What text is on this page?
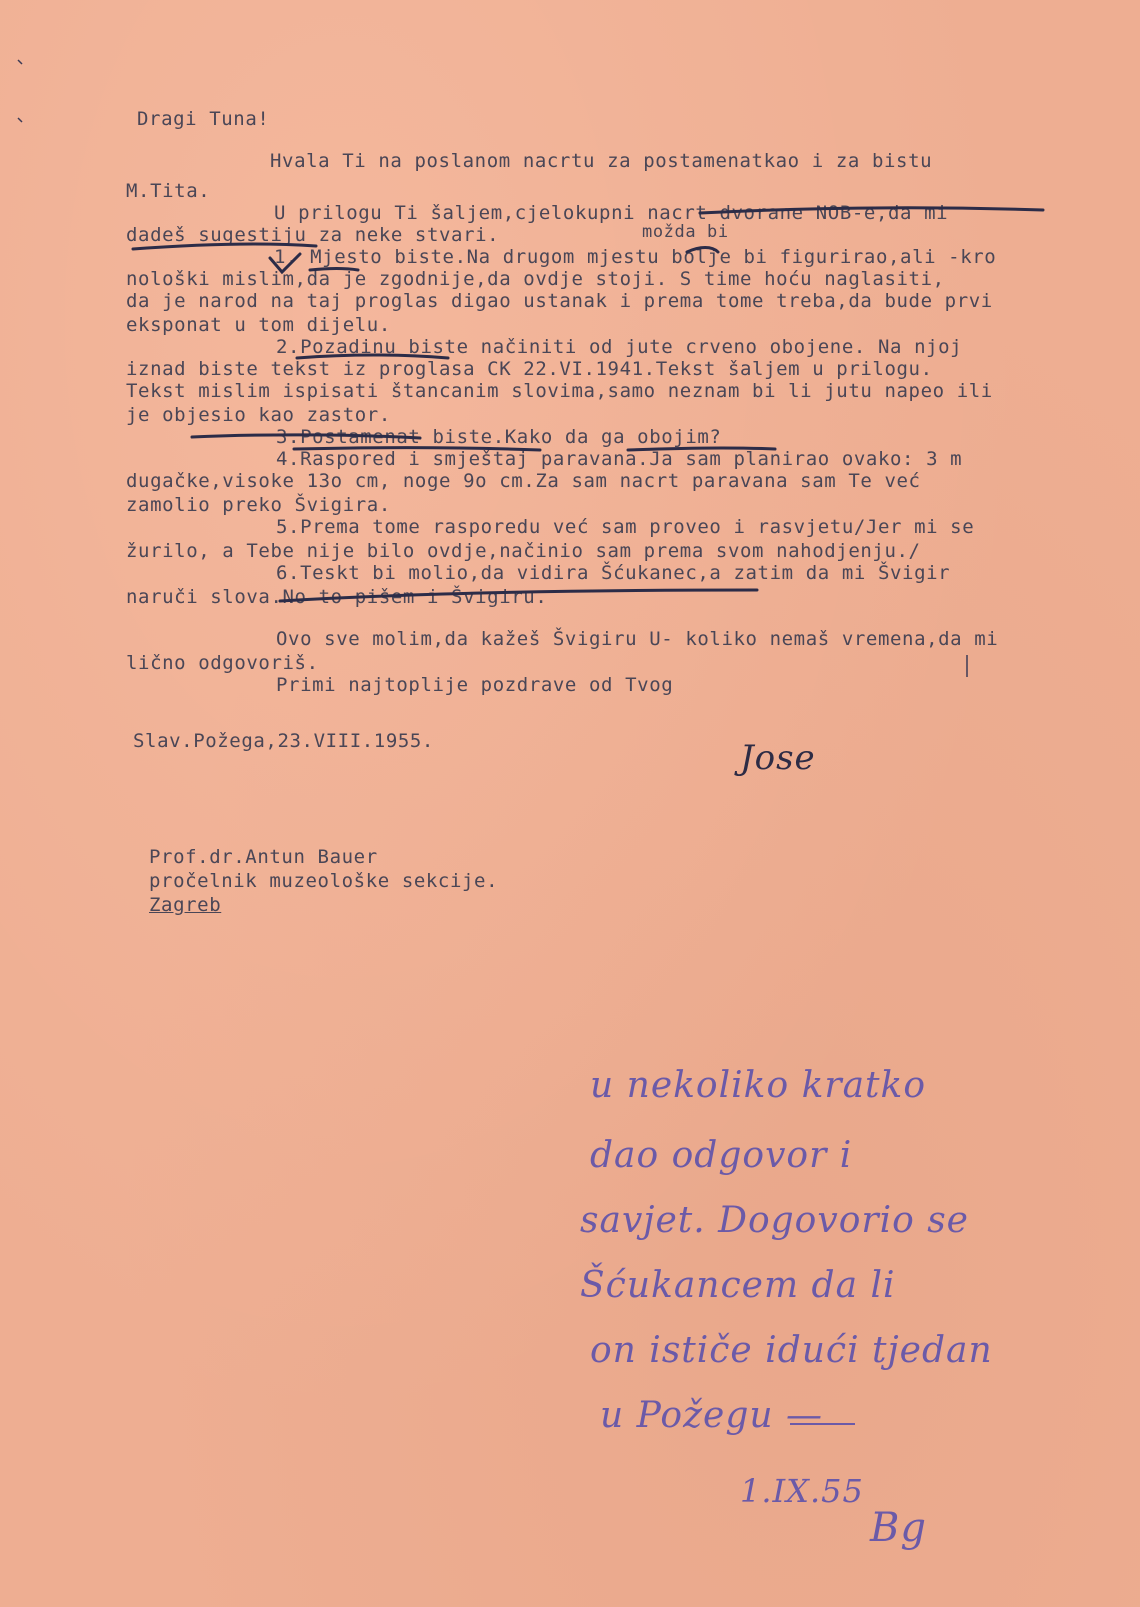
Dragi Tuna!
Hvala Ti na poslanom nacrtu za postamenatkao i za bistu
M.Tita.
U prilogu Ti šaljem,cjelokupni nacrt dvorane NOB-e,da mi
dadeš sugestiju za neke stvari.	možda bi
1. Mjesto biste.Na drugom mjestu bolje bi figurirao,ali -kro
nološki mislim,da je zgodnije,da ovdje stoji. S time hoću naglasiti,
da je narod na taj proglas digao ustanak i prema tome treba,da bude prvi
eksponat u tom dijelu.
2.Pozadinu biste načiniti od jute crveno obojene. Na njoj
iznad biste tekst iz proglasa CK 22.VI.1941.Tekst šaljem u prilogu.
Tekst mislim ispisati štancanim slovima,samo neznam bi li jutu napeo ili
je objesio kao zastor.
3.Postamenat biste.Kako da ga obojim?
4.Raspored i smještaj paravana.Ja sam planirao ovako: 3 m
dugačke,visoke 13o cm, noge 9o cm.Za sam nacrt paravana sam Te već
zamolio preko Švigira.
5.Prema tome rasporedu već sam proveo i rasvjetu/Jer mi se
žurilo, a Tebe nije bilo ovdje,načinio sam prema svom nahodjenju./
6.Teskt bi molio,da vidira Šćukanec,a zatim da mi Švigir
naruči slova.No to pišem i Švigiru.
Ovo sve molim,da kažeš Švigiru U- koliko nemaš vremena,da mi
lično odgovoriš.
Primi najtoplije pozdrave od Tvog
Slav.Požega,23.VIII.1955.	Jose
Prof.dr.Antun Bauer
pročelnik muzeološke sekcije.
Zagreb
u nekoliko kratko
dao odgovor i
savjet. Dogovorio se
Šćukancem da li
on ističe idući tjedan
u Požegu —
1.IX.55
Bg
